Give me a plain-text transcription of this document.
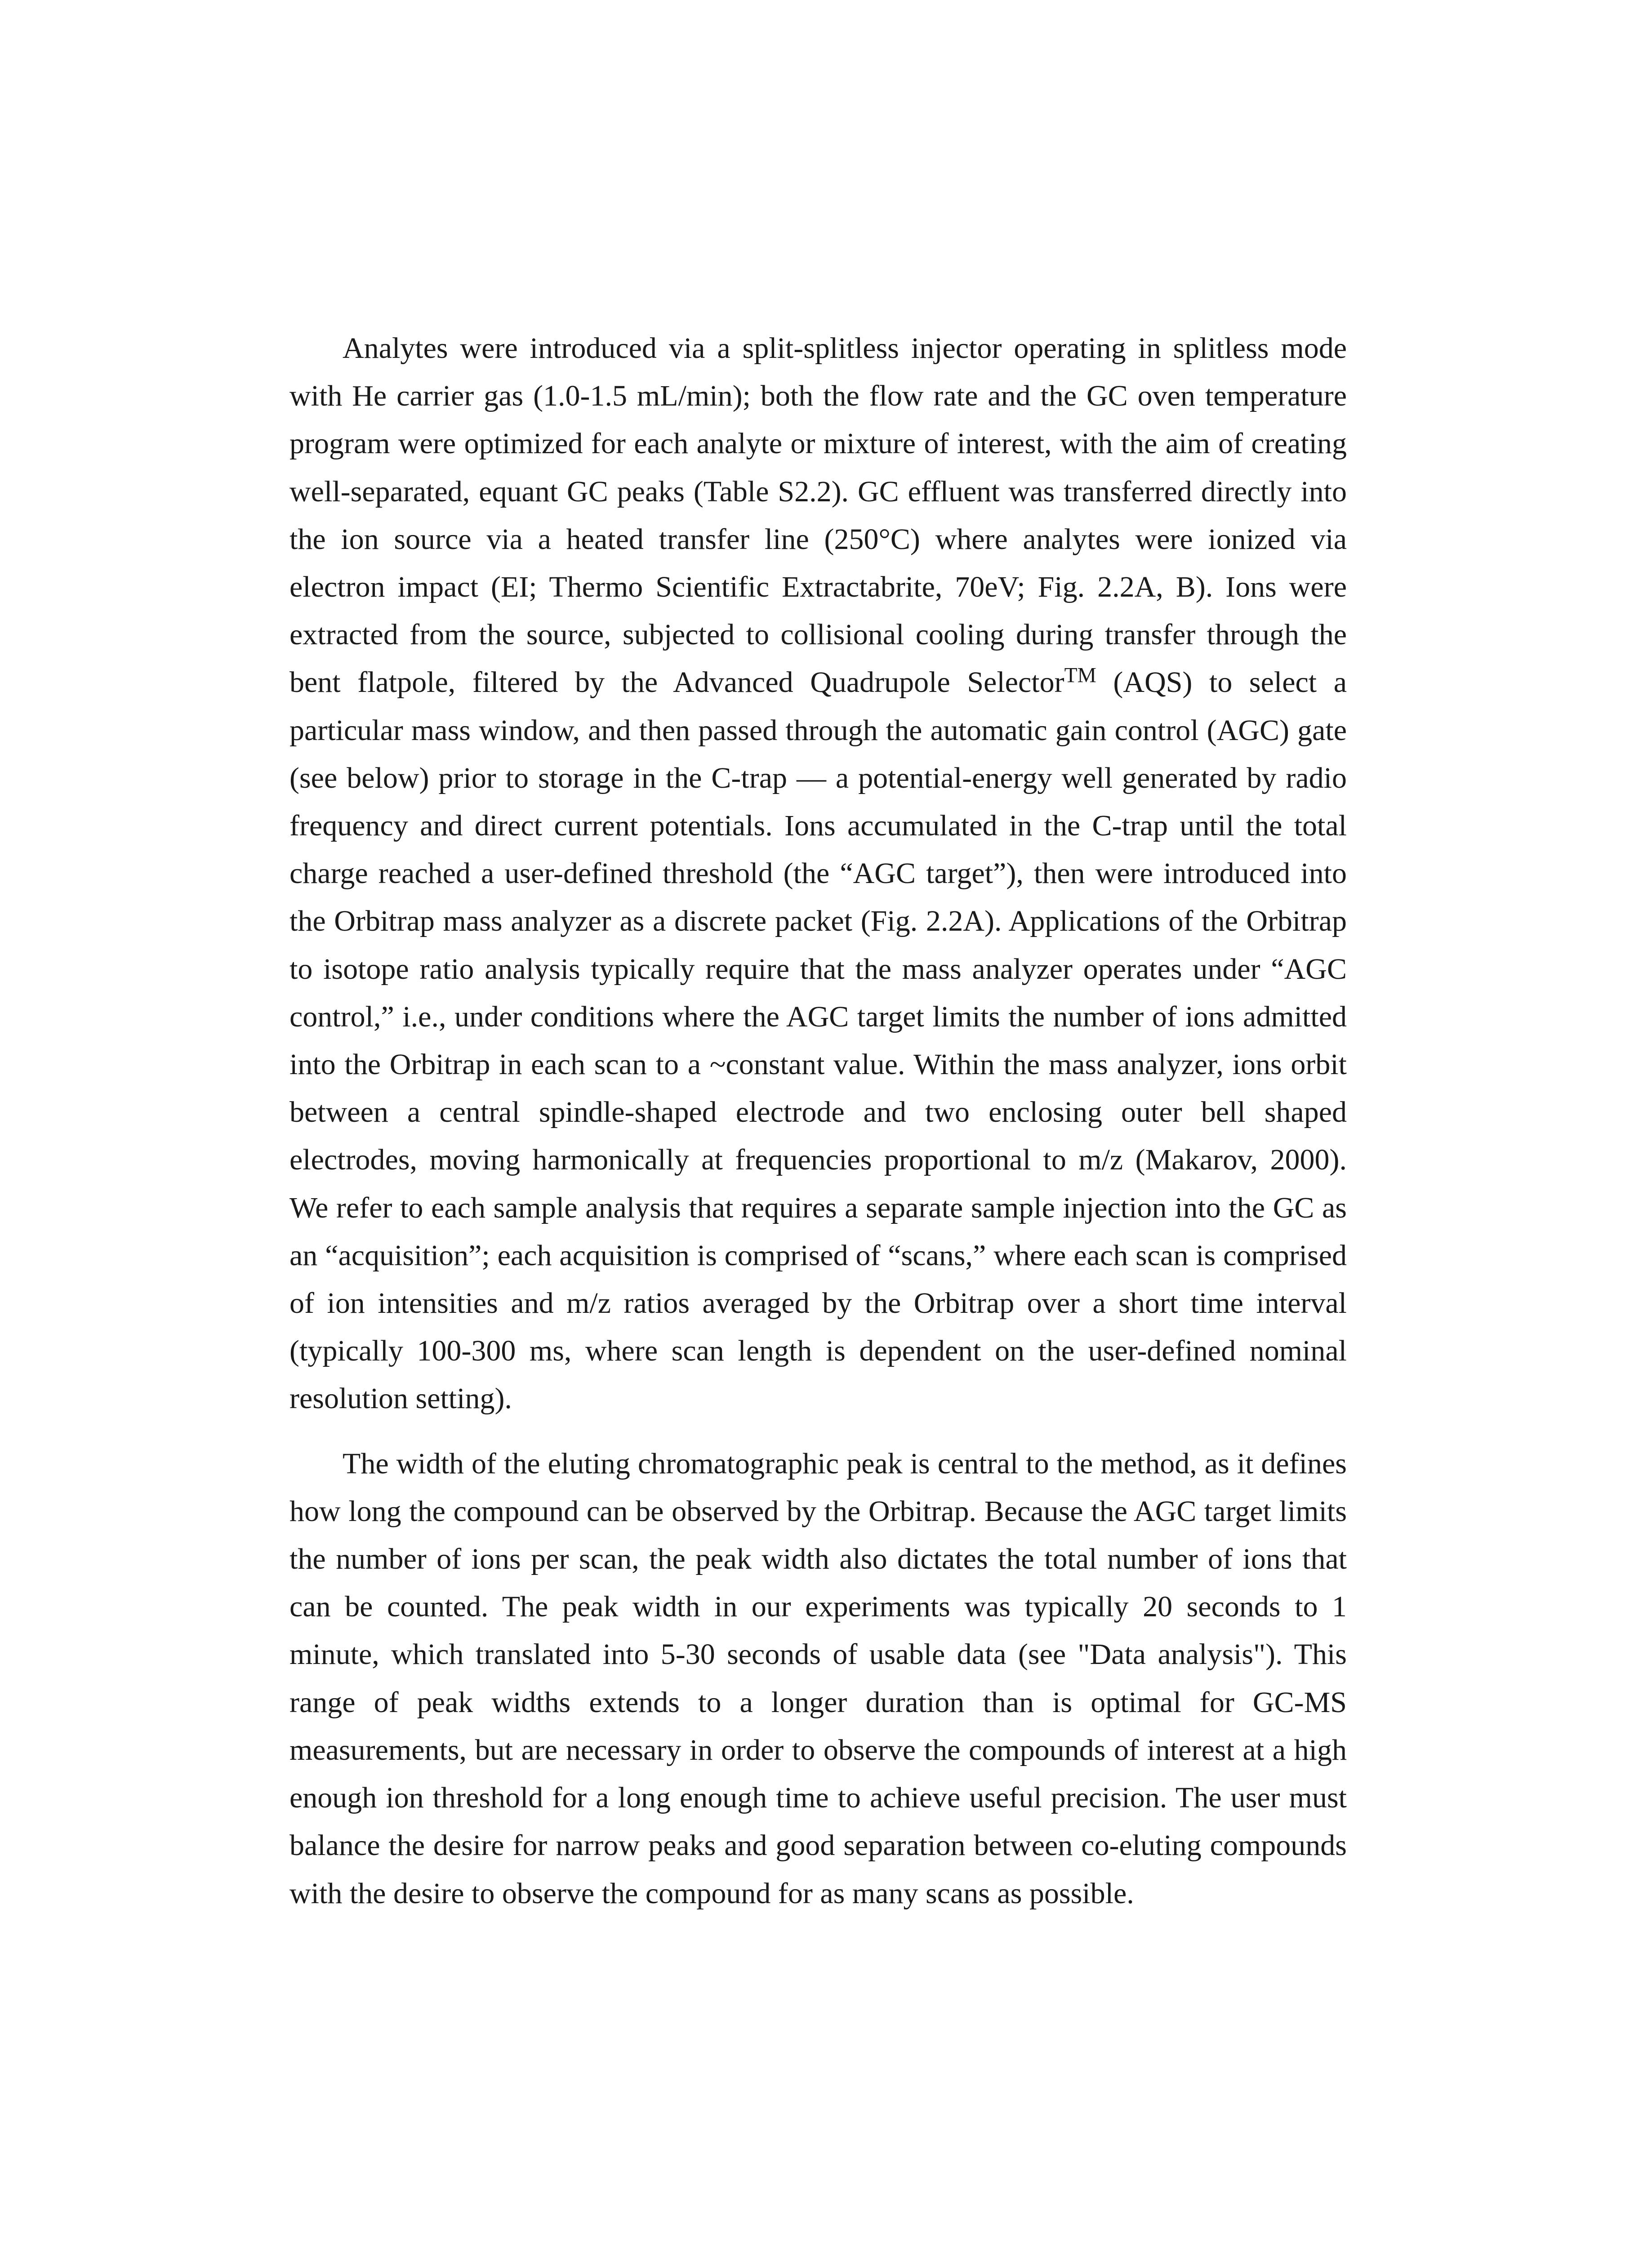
Analytes were introduced via a split-splitless injector operating in splitless mode with He carrier gas (1.0-1.5 mL/min); both the flow rate and the GC oven temperature program were optimized for each analyte or mixture of interest, with the aim of creating well-separated, equant GC peaks (Table S2.2). GC effluent was transferred directly into the ion source via a heated transfer line (250°C) where analytes were ionized via electron impact (EI; Thermo Scientific Extractabrite, 70eV; Fig. 2.2A, B). Ions were extracted from the source, subjected to collisional cooling during transfer through the bent flatpole, filtered by the Advanced Quadrupole Selector™ (AQS) to select a particular mass window, and then passed through the automatic gain control (AGC) gate (see below) prior to storage in the C-trap — a potential-energy well generated by radio frequency and direct current potentials. Ions accumulated in the C-trap until the total charge reached a user-defined threshold (the “AGC target”), then were introduced into the Orbitrap mass analyzer as a discrete packet (Fig. 2.2A). Applications of the Orbitrap to isotope ratio analysis typically require that the mass analyzer operates under “AGC control,” i.e., under conditions where the AGC target limits the number of ions admitted into the Orbitrap in each scan to a ~constant value. Within the mass analyzer, ions orbit between a central spindle-shaped electrode and two enclosing outer bell shaped electrodes, moving harmonically at frequencies proportional to m/z (Makarov, 2000). We refer to each sample analysis that requires a separate sample injection into the GC as an “acquisition”; each acquisition is comprised of “scans,” where each scan is comprised of ion intensities and m/z ratios averaged by the Orbitrap over a short time interval (typically 100-300 ms, where scan length is dependent on the user-defined nominal resolution setting).

The width of the eluting chromatographic peak is central to the method, as it defines how long the compound can be observed by the Orbitrap. Because the AGC target limits the number of ions per scan, the peak width also dictates the total number of ions that can be counted. The peak width in our experiments was typically 20 seconds to 1 minute, which translated into 5-30 seconds of usable data (see "Data analysis"). This range of peak widths extends to a longer duration than is optimal for GC-MS measurements, but are necessary in order to observe the compounds of interest at a high enough ion threshold for a long enough time to achieve useful precision. The user must balance the desire for narrow peaks and good separation between co-eluting compounds with the desire to observe the compound for as many scans as possible.
